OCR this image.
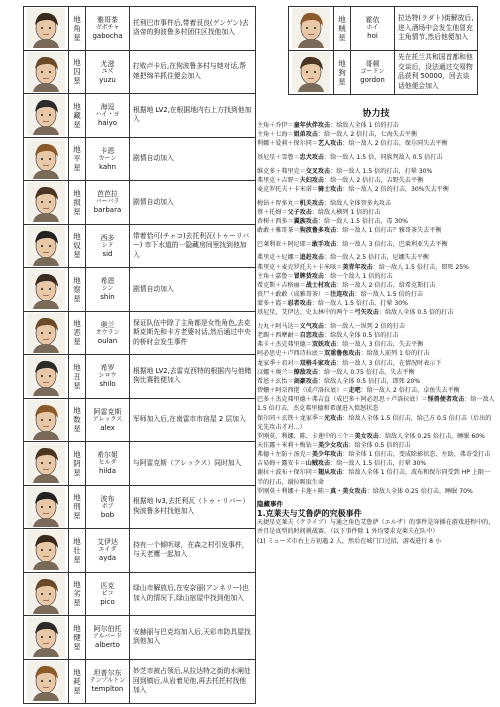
地
角
星
雅哥茶
ガボチャ
gabocha
托利巴市事件后,带着艮良(ゲンゲン)去洛帝的狗波鲁多村团住区找他加入
地
囚
星
尤滋
ユズ
yuzu
打败卢卡后,在狗波鲁多村与她对话,帮她把绵羊抓住便会加入
地
藏
星
海逗
ハイ・ヨ
haiyo
根据地 LV2,在根据地内右上方找到他加入
地
平
星
卡恩
カーン
kahn
剧情自动加入
地
损
星
芭芭拉
バーバラ
barbara
剧情自动加入
地
奴
星
西多
シド
sid
带着恰可(チャコ)去托利瓦(トゥーリバー) 市下水道的一隐藏房间里找到他加入
地
察
星
希恩
シン
shin
剧情自动加入
地
恶
星
奥兰
オウラン
oulan
保证队伍中除了主角都是女性角色,去克斯克斯先和卡方老婆对话,然后通过中央的桥时会发生事件
地
丑
星
希罗
シロウ
shilo
根据地 LV2,去雷克西特的根据内与他赌狗比赛胜便加入
地
数
星
阿雷克斯
アレックス
alex
军师加入后,在南雷市市宿屋 2 层加入
地
阴
星
希尔姐
ヒルダ
hilda
与阿雷克斯（アレックス）同时加入
地
刑
星
波布
ボブ
bob
根据地 lv3,去托利瓦（トゥ・リバー）狗波鲁多村找他加入
地
壮
星
艾伊达
エイダ
ayda
持有一个倾听球，在森之村引发事件，与天老鹰一起加入
地
劣
星
匹克
ピコ
pico
绿山市解放后,在安奈丽(アンネリ—)也加入的情况下,绿山宿屋中找到他加入
地
健
星
阿尔伯托
アルバード
alberto
安赫丽与巴克均加入后,天彩市防具屋找到他加入
地
耗
星
坦普尔东
テンプルトン
templton
妙芝市被占领后,从拉达特之街的水闸处回到镇后,从岩着见他,再去托托村找他加入
地
贼
星
霍依
ホイ
hoi
拉达特(ラダト)街解放后,进入酒场中会发生他冒充主角情节,然后他便加入
地
狗
星
哥顿
ゴードン
gordon
先在托兰共和国首都和他交谈后，设法通过交易物品获利 50000，回去谈话他便会加入
协力技
主角＋乔伊＝童年伙伴攻击：给敌人全体 1 倍的打击
主角＋七海＝姐弟攻击：给一敌人 2 倍打击，七海失去平衡
利娜＋爱莉＋保尔同＝艺人攻击：给一敌人 2 倍打击，保尔同失去平衡
基尼星＋雪鲁＝忠犬攻击：给一敌人 1.5 倍，同族判敌人 0.5 倍打击
维克多＋弗里克＝交叉攻击：给一敌人 1.5 倍的打击，打晕 30%
弗里克＋吉野＝夫妇攻击：给一敌人 2 倍打击，吉野失去平衡
麦克罗托夫＋卡米诺＝骑士攻击：给一敌人 2 倍的打击，30%失去平衡
梅钻＋智多丸＝机关攻击：给敌人全体智多丸攻击
蔡＋托姆＝父子攻击：给敌人横列 1 倍的打击
杏树＋西多＝翼族攻击：给一敌人 1.5 倍打击，毒 30%
敢敢＋雅哥茶＝狗波鲁多攻击：给一敌人 1 倍打击？雅哥茶失去平衡
巴莱利亚＋阿尼耶＝敢手攻击：给一敌人 3 倍打击，巴莱利亚失去平衡
弗里克＋尼娜＝追赶攻击：给一敌人 2.5 倍打击，尼娜失去平衡
弗里克＋麦克罗托夫＋卡米咳＝美青年攻击：给一敌人 1.5 倍打击，即死 25%
主角＋嘉鲁＝冒牌货攻击：给一个敌人 1 倍的打击
希克斯＋吉格丽＝战士村攻击：给一敌人 2 倍打击，给希克斯打击
丧尸＋敢敢（成雅哥茶）＝注连攻击：给一敌人 1.5 倍的打击
蒙多＋霞＝忍者攻击：给一敌人 1.5 倍打击，打晕 30%
基尼星、艾伊达、史太林中的两个＝弓矢攻击：给敌人全体 0.5 倍的打击
力丸＋阿马达＝义气攻击：给一敌人一纵列 2 倍的打击
老踢＋西摩耐＝自恋攻击：给敌人全体 0.5 倍的打击
弗卡＋杰克弗里德＝双妖攻击：给一敌人 3 倍打击，失去平衡
阿必思史＋卢西诗拉底＝双重鲁鱼攻击：给敌人前列 1 倍的打击
龙家季＋君对＝双格斗家攻击：给一敌人 3 倍打击，在情况时表示下
汉娜＋奥兰＝撩敌攻击：给一敌人 0.75 倍打击，失去平衡
希恩＋玄怡＝剑豪攻击：给敌人全体 0.5 倍打击，即死 20%
碧姗＋阿奈西佬（成卢洛拉底）＝走吧：给一敌人 2 倍打击，卓鱼失去平衡
巴多＋杰克弗里德＋弗吉直（成巴多＋阿必思思＋卢洛拉底）＝怪兽便者攻击：给一敌人 1.5 倍打击，杰克弗里德和希谨进入愤怒状态
保尔同＋玄铁＋龙家季＝光攻击：给敌人全体 1.5 倍打击，给己方 0.5 倍打击（后出的光先攻击才对…）
罗刚莫、利娜、陈、卡莲中的三个＝美女攻击：给敌人全体 0.25 倍打击，睡眠 60%
天佳露＋米莉＋梅钻＝美少女攻击：给全体 0.5 倍的打击
弗德＋左防＋汤克＝美少年攻击：给全体 1 倍打击，变成除影状态、左助、弗奇受打击
吉易姆＋露安卡＝山贼攻击：给一敌人 1.5 倍打击，打晕 30%
谢拉＋波布＋保尔同＝翅从攻击：给敌人全体 1 倍打击，波布和保尔同受到 HP 上限一半的打击，谢拉吸取生命
罗刚莫＋利娜＋卡莲＋陈＝真・美女攻击：给敌人全体 0.25 倍打击，睡眠 70%
隐藏事件
1.克莱夫与艾鲁萨的究极事件
天捷星克莱夫（クライブ）与通之角色艾鲁萨（エルザ）的事件是穿插在游戏进程中的，并且是真型的时间挑战赛。（以下事件除 1 外均要求克莱夫在队中）
(1) ミューズ市右上方初遇 2 人，然后在城门口过招，游戏进行 8 小
